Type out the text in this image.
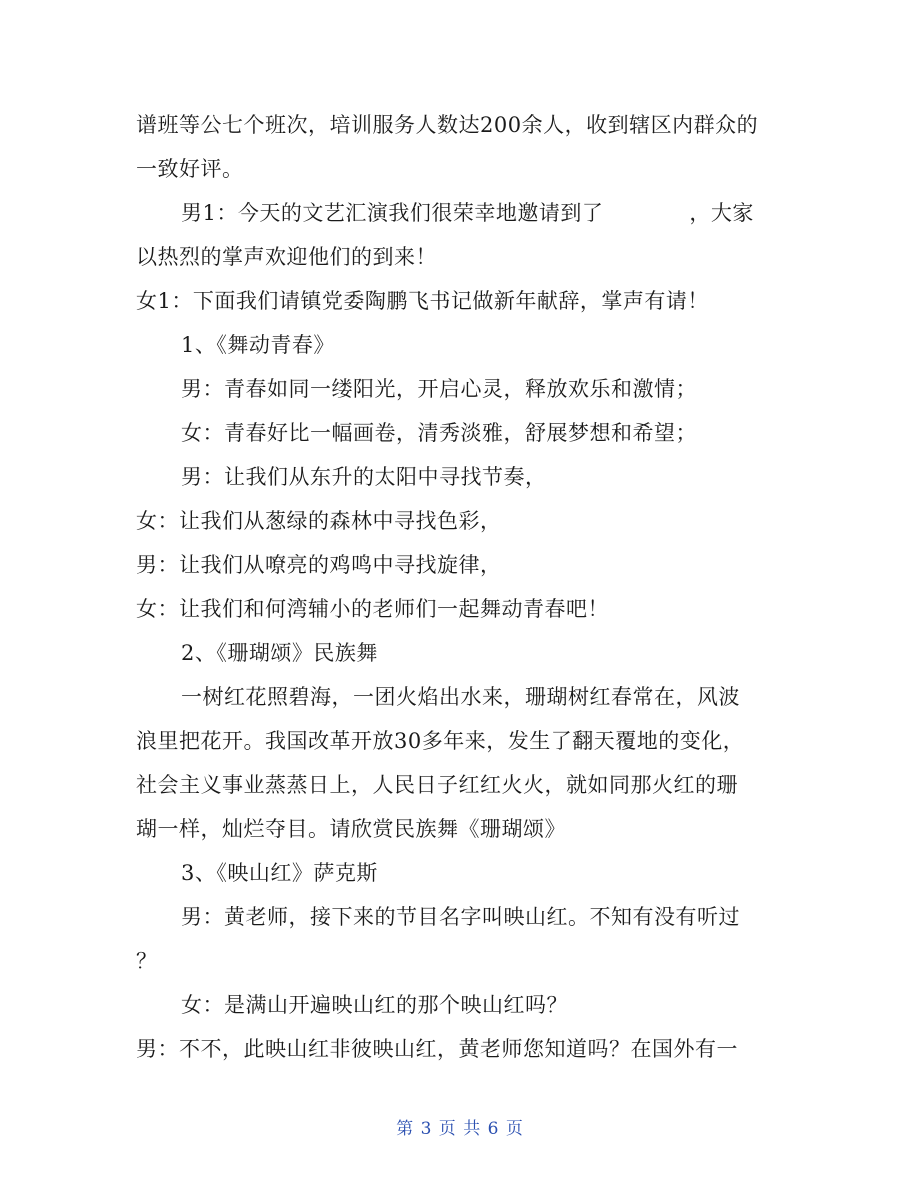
谱班等公七个班次，培训服务人数达200余人，收到辖区内群众的
一致好评。
男1：今天的文艺汇演我们很荣幸地邀请到了　　　　，大家
以热烈的掌声欢迎他们的到来！
女1：下面我们请镇党委陶鹏飞书记做新年献辞，掌声有请！
1、《舞动青春》
男：青春如同一缕阳光，开启心灵，释放欢乐和激情；
女：青春好比一幅画卷，清秀淡雅，舒展梦想和希望；
男：让我们从东升的太阳中寻找节奏，
女：让我们从葱绿的森林中寻找色彩，
男：让我们从嘹亮的鸡鸣中寻找旋律，
女：让我们和何湾辅小的老师们一起舞动青春吧！
2、《珊瑚颂》民族舞
一树红花照碧海，一团火焰出水来，珊瑚树红春常在，风波
浪里把花开。我国改革开放30多年来，发生了翻天覆地的变化，
社会主义事业蒸蒸日上，人民日子红红火火，就如同那火红的珊
瑚一样，灿烂夺目。请欣赏民族舞《珊瑚颂》
3、《映山红》萨克斯
男：黄老师，接下来的节目名字叫映山红。不知有没有听过
？
女：是满山开遍映山红的那个映山红吗？
男：不不，此映山红非彼映山红，黄老师您知道吗？在国外有一
第 3 页 共 6 页
